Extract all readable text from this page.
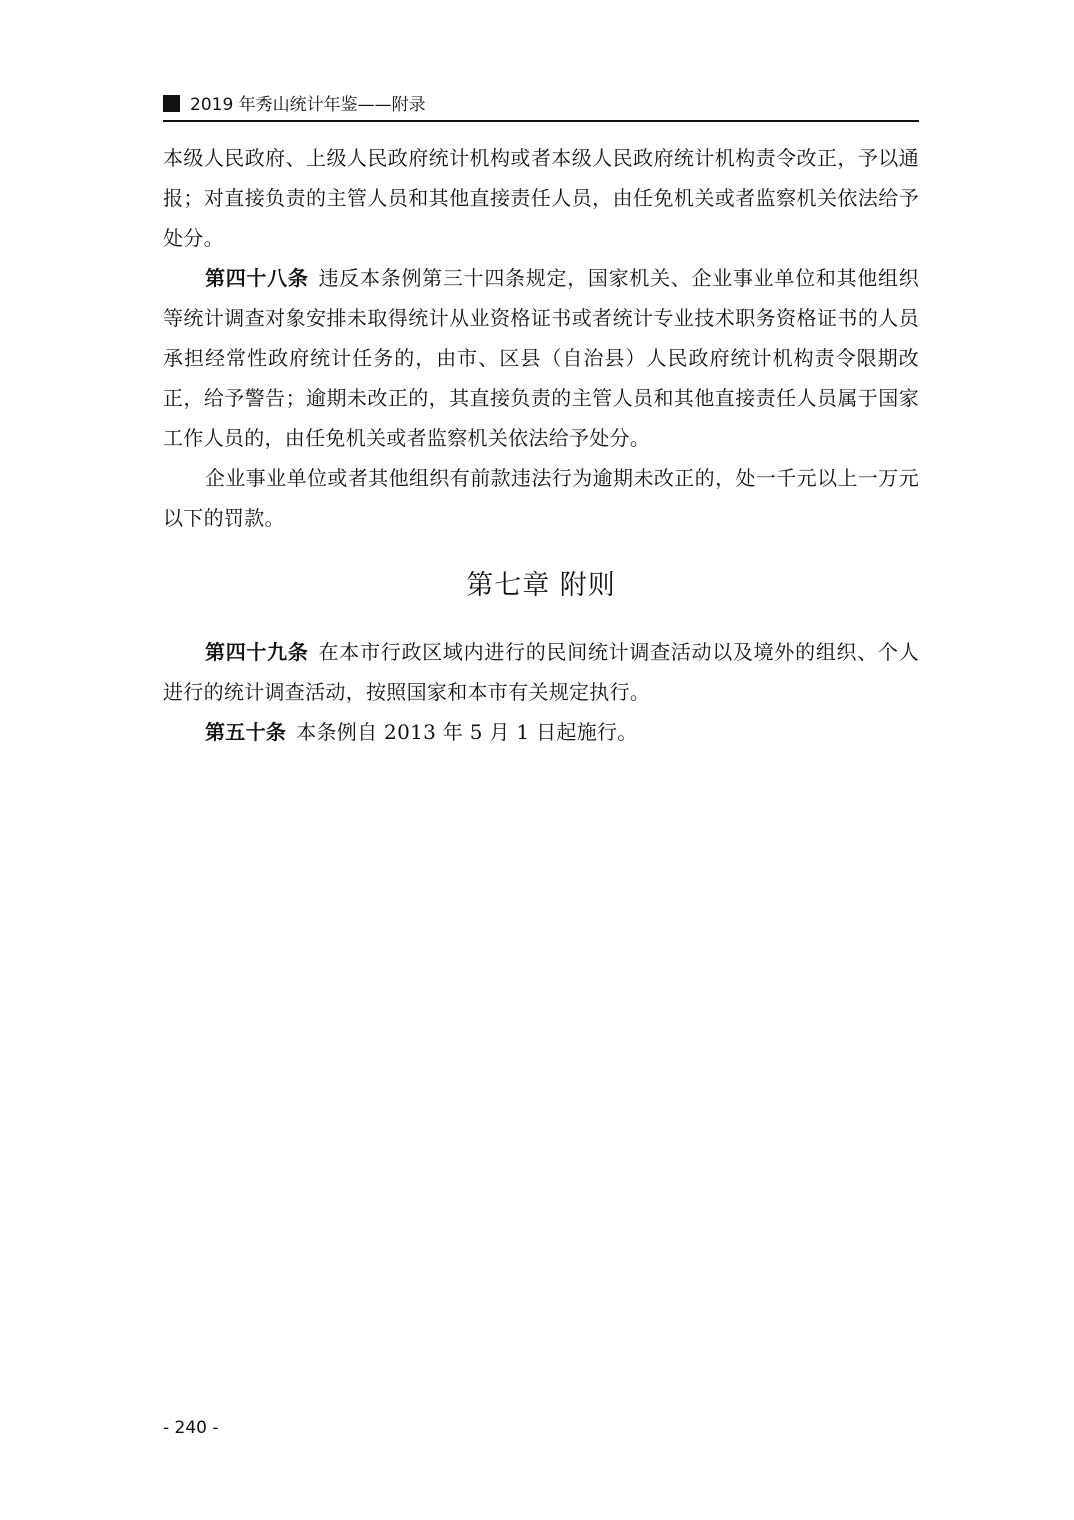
2019 年秀山统计年鉴——附录

本级人民政府、上级人民政府统计机构或者本级人民政府统计机构责令改正，予以通报；对直接负责的主管人员和其他直接责任人员，由任免机关或者监察机关依法给予处分。

第四十八条 违反本条例第三十四条规定，国家机关、企业事业单位和其他组织等统计调查对象安排未取得统计从业资格证书或者统计专业技术职务资格证书的人员承担经常性政府统计任务的，由市、区县（自治县）人民政府统计机构责令限期改正，给予警告；逾期未改正的，其直接负责的主管人员和其他直接责任人员属于国家工作人员的，由任免机关或者监察机关依法给予处分。

企业事业单位或者其他组织有前款违法行为逾期未改正的，处一千元以上一万元以下的罚款。

第七章 附则

第四十九条 在本市行政区域内进行的民间统计调查活动以及境外的组织、个人进行的统计调查活动，按照国家和本市有关规定执行。

第五十条 本条例自 2013 年 5 月 1 日起施行。

- 240 -
